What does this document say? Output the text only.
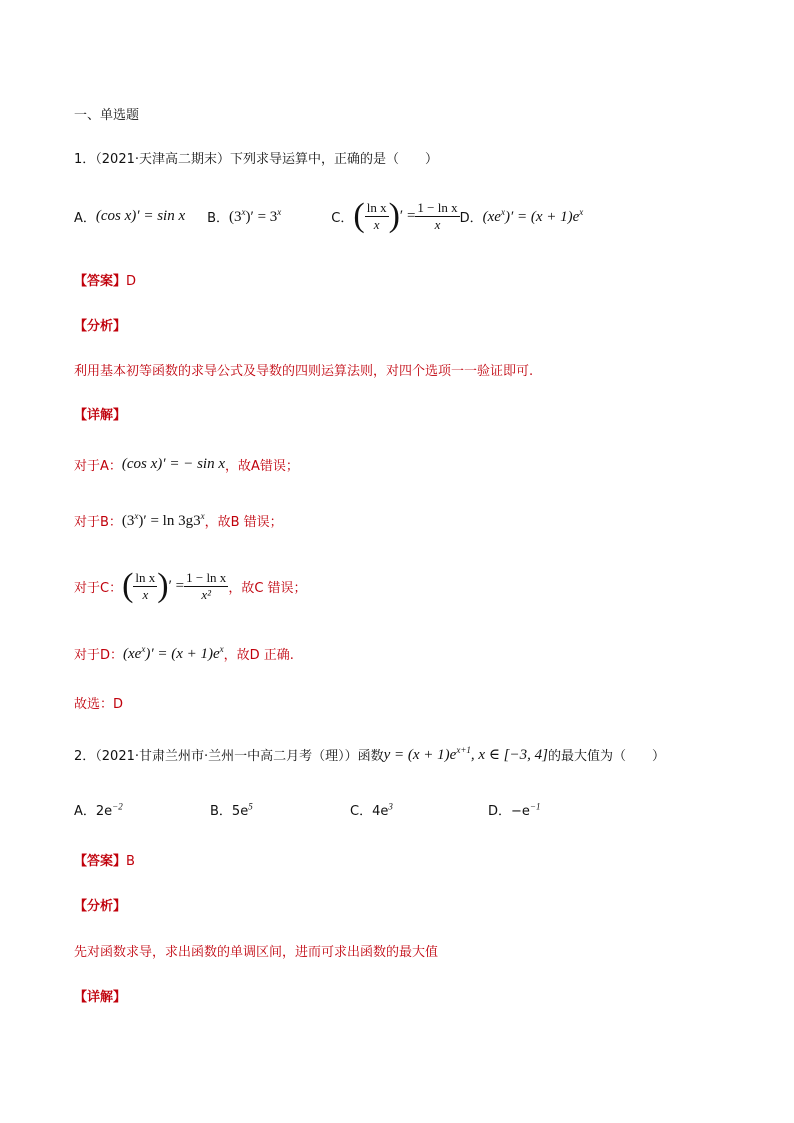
一、单选题
1．（2021·天津高二期末）下列求导运算中，正确的是（　　）
A． (cos x)′ = sin x B． $(3^x)' = 3^x$	C． ( $\frac{\text{ln x}}{x}$ ) ′ = $\frac{\text{1 − ln x}}{x}$ D． $(xe^x)' = (x + 1)e^x$
【答案】D
【分析】
利用基本初等函数的求导公式及导数的四则运算法则，对四个选项一一验证即可.
【详解】
对于A： (cos x)′ = − sin x ，故A错误；
对于B： $(3^x)' = \ln 3g3^x$ ，故B 错误；
对于C： ( $\frac{\text{ln x}}{x}$ ) ′ = $\frac{\text{1 − ln x}}{\text{x²}}$ ，故C 错误；
对于D： $(xe^x)' = (x + 1)e^x$ ，故D 正确.
故选：D
2．（2021·甘肃兰州市·兰州一中高二月考（理））函数 $y = (x + 1)e^{x+1}$, x ∈ [−3, 4] 的最大值为（　　）
A．$2e^{-2}$	B．$5e^5$	C．$4e^3$	D．$-e^{-1}$
【答案】B
【分析】
先对函数求导，求出函数的单调区间，进而可求出函数的最大值
【详解】
